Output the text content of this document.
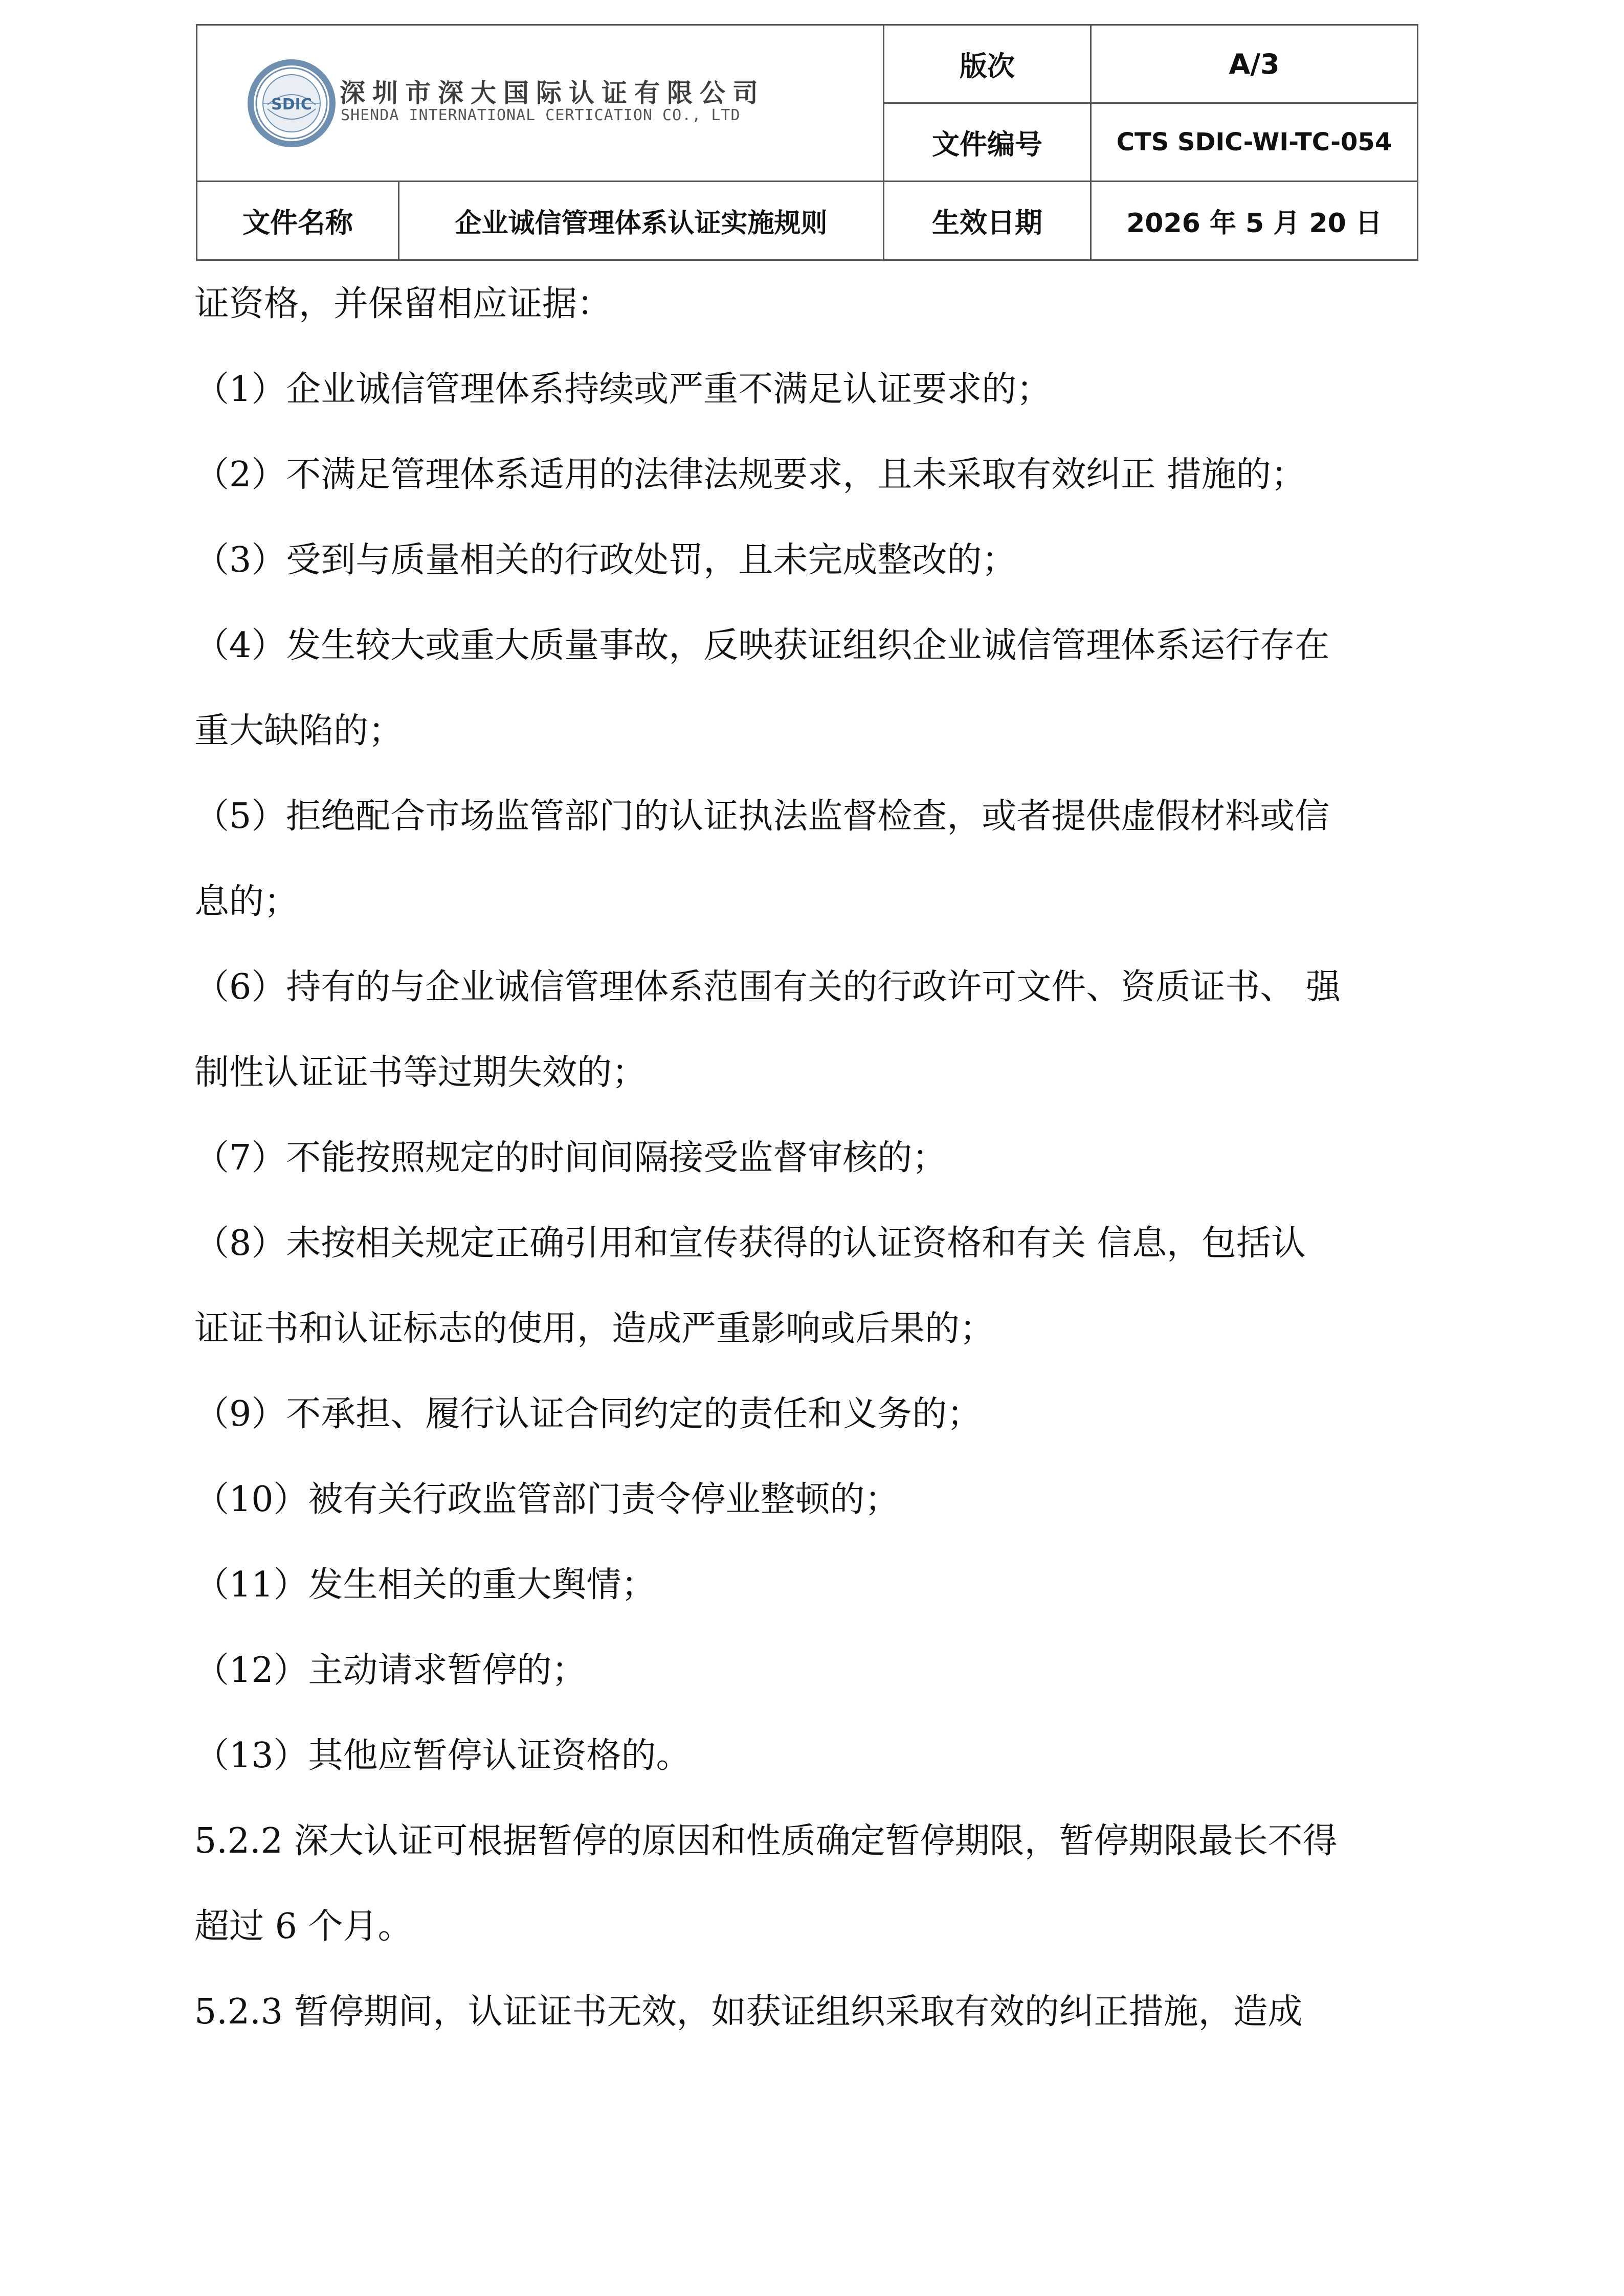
SDIC 深圳市深大国际认证有限公司
SHENDA INTERNATIONAL CERTICATION CO., LTD
版次	A/3
文件编号	CTS SDIC-WI-TC-054
文件名称	企业诚信管理体系认证实施规则	生效日期	2026 年 5 月 20 日
证资格，并保留相应证据：
（1）企业诚信管理体系持续或严重不满足认证要求的；
（2）不满足管理体系适用的法律法规要求，且未采取有效纠正 措施的；
（3）受到与质量相关的行政处罚，且未完成整改的；
（4）发生较大或重大质量事故，反映获证组织企业诚信管理体系运行存在
重大缺陷的；
（5）拒绝配合市场监管部门的认证执法监督检查，或者提供虚假材料或信
息的；
（6）持有的与企业诚信管理体系范围有关的行政许可文件、资质证书、 强
制性认证证书等过期失效的；
（7）不能按照规定的时间间隔接受监督审核的；
（8）未按相关规定正确引用和宣传获得的认证资格和有关 信息，包括认
证证书和认证标志的使用，造成严重影响或后果的；
（9）不承担、履行认证合同约定的责任和义务的；
（10）被有关行政监管部门责令停业整顿的；
（11）发生相关的重大舆情；
（12）主动请求暂停的；
（13）其他应暂停认证资格的。
5.2.2 深大认证可根据暂停的原因和性质确定暂停期限，暂停期限最长不得
超过 6 个月。
5.2.3 暂停期间，认证证书无效，如获证组织采取有效的纠正措施，造成
